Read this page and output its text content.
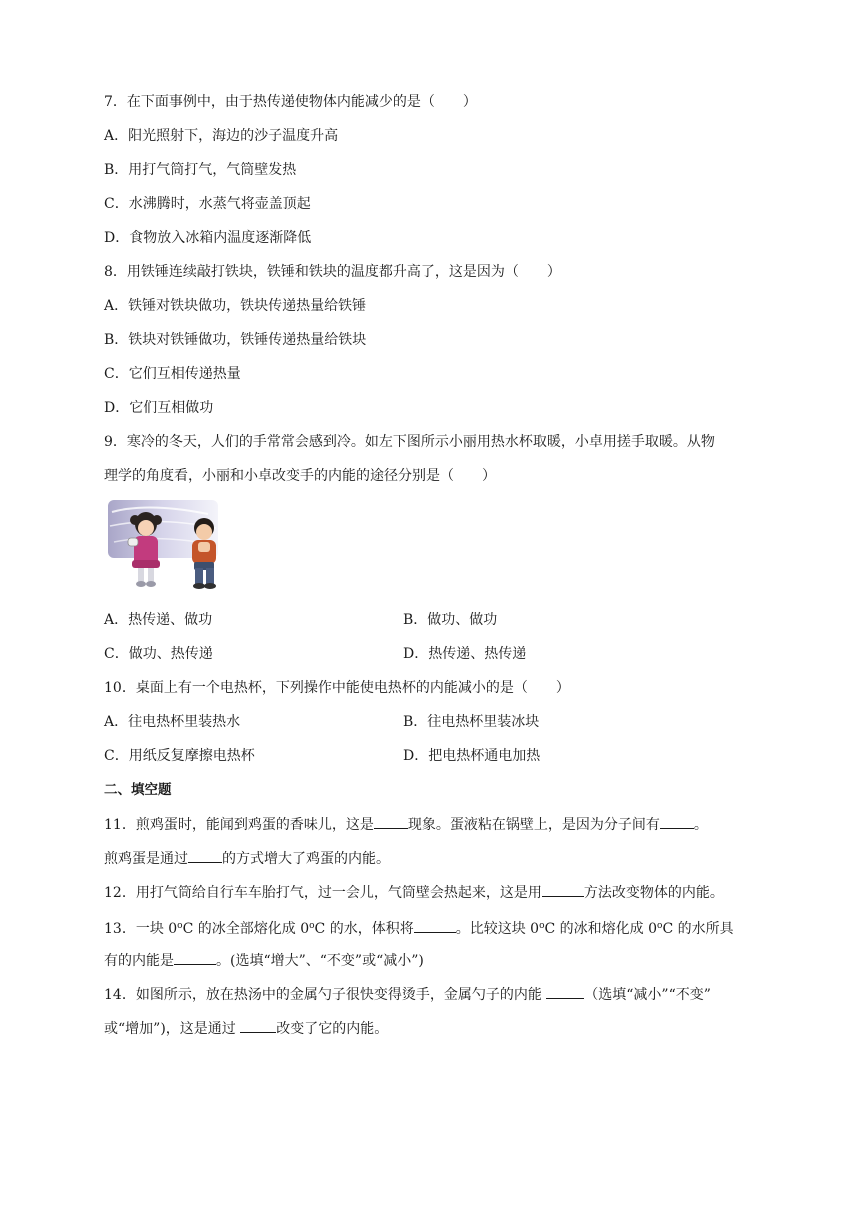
7．在下面事例中，由于热传递使物体内能减少的是（　　）
A．阳光照射下，海边的沙子温度升高
B．用打气筒打气，气筒壁发热
C．水沸腾时，水蒸气将壶盖顶起
D．食物放入冰箱内温度逐渐降低
8．用铁锤连续敲打铁块，铁锤和铁块的温度都升高了，这是因为（　　）
A．铁锤对铁块做功，铁块传递热量给铁锤
B．铁块对铁锤做功，铁锤传递热量给铁块
C．它们互相传递热量
D．它们互相做功
9．寒冷的冬天，人们的手常常会感到冷。如左下图所示小丽用热水杯取暖，小卓用搓手取暖。从物
理学的角度看，小丽和小卓改变手的内能的途径分别是（　　）
A．热传递、做功	B．做功、做功
C．做功、热传递	D．热传递、热传递
10．桌面上有一个电热杯，下列操作中能使电热杯的内能减小的是（　　）
A．往电热杯里装热水	B．往电热杯里装冰块
C．用纸反复摩擦电热杯	D．把电热杯通电加热
二、填空题
11．煎鸡蛋时，能闻到鸡蛋的香味儿，这是 现象。蛋液粘在锅壁上，是因为分子间有 。
煎鸡蛋是通过 的方式增大了鸡蛋的内能。
12．用打气筒给自行车车胎打气，过一会儿，气筒壁会热起来，这是用	方法改变物体的内能。
13．一块 0$^o$C 的冰全部熔化成 0$^o$C 的水，体积将	。比较这块 0$^o$C 的冰和熔化成 0$^o$C 的水所具
有的内能是	。(选填“增大”、“不变”或“减小”)
14．如图所示，放在热汤中的金属勺子很快变得烫手，金属勺子的内能	（选填“减小”“不变”
或“增加”)，这是通过	改变了它的内能。
